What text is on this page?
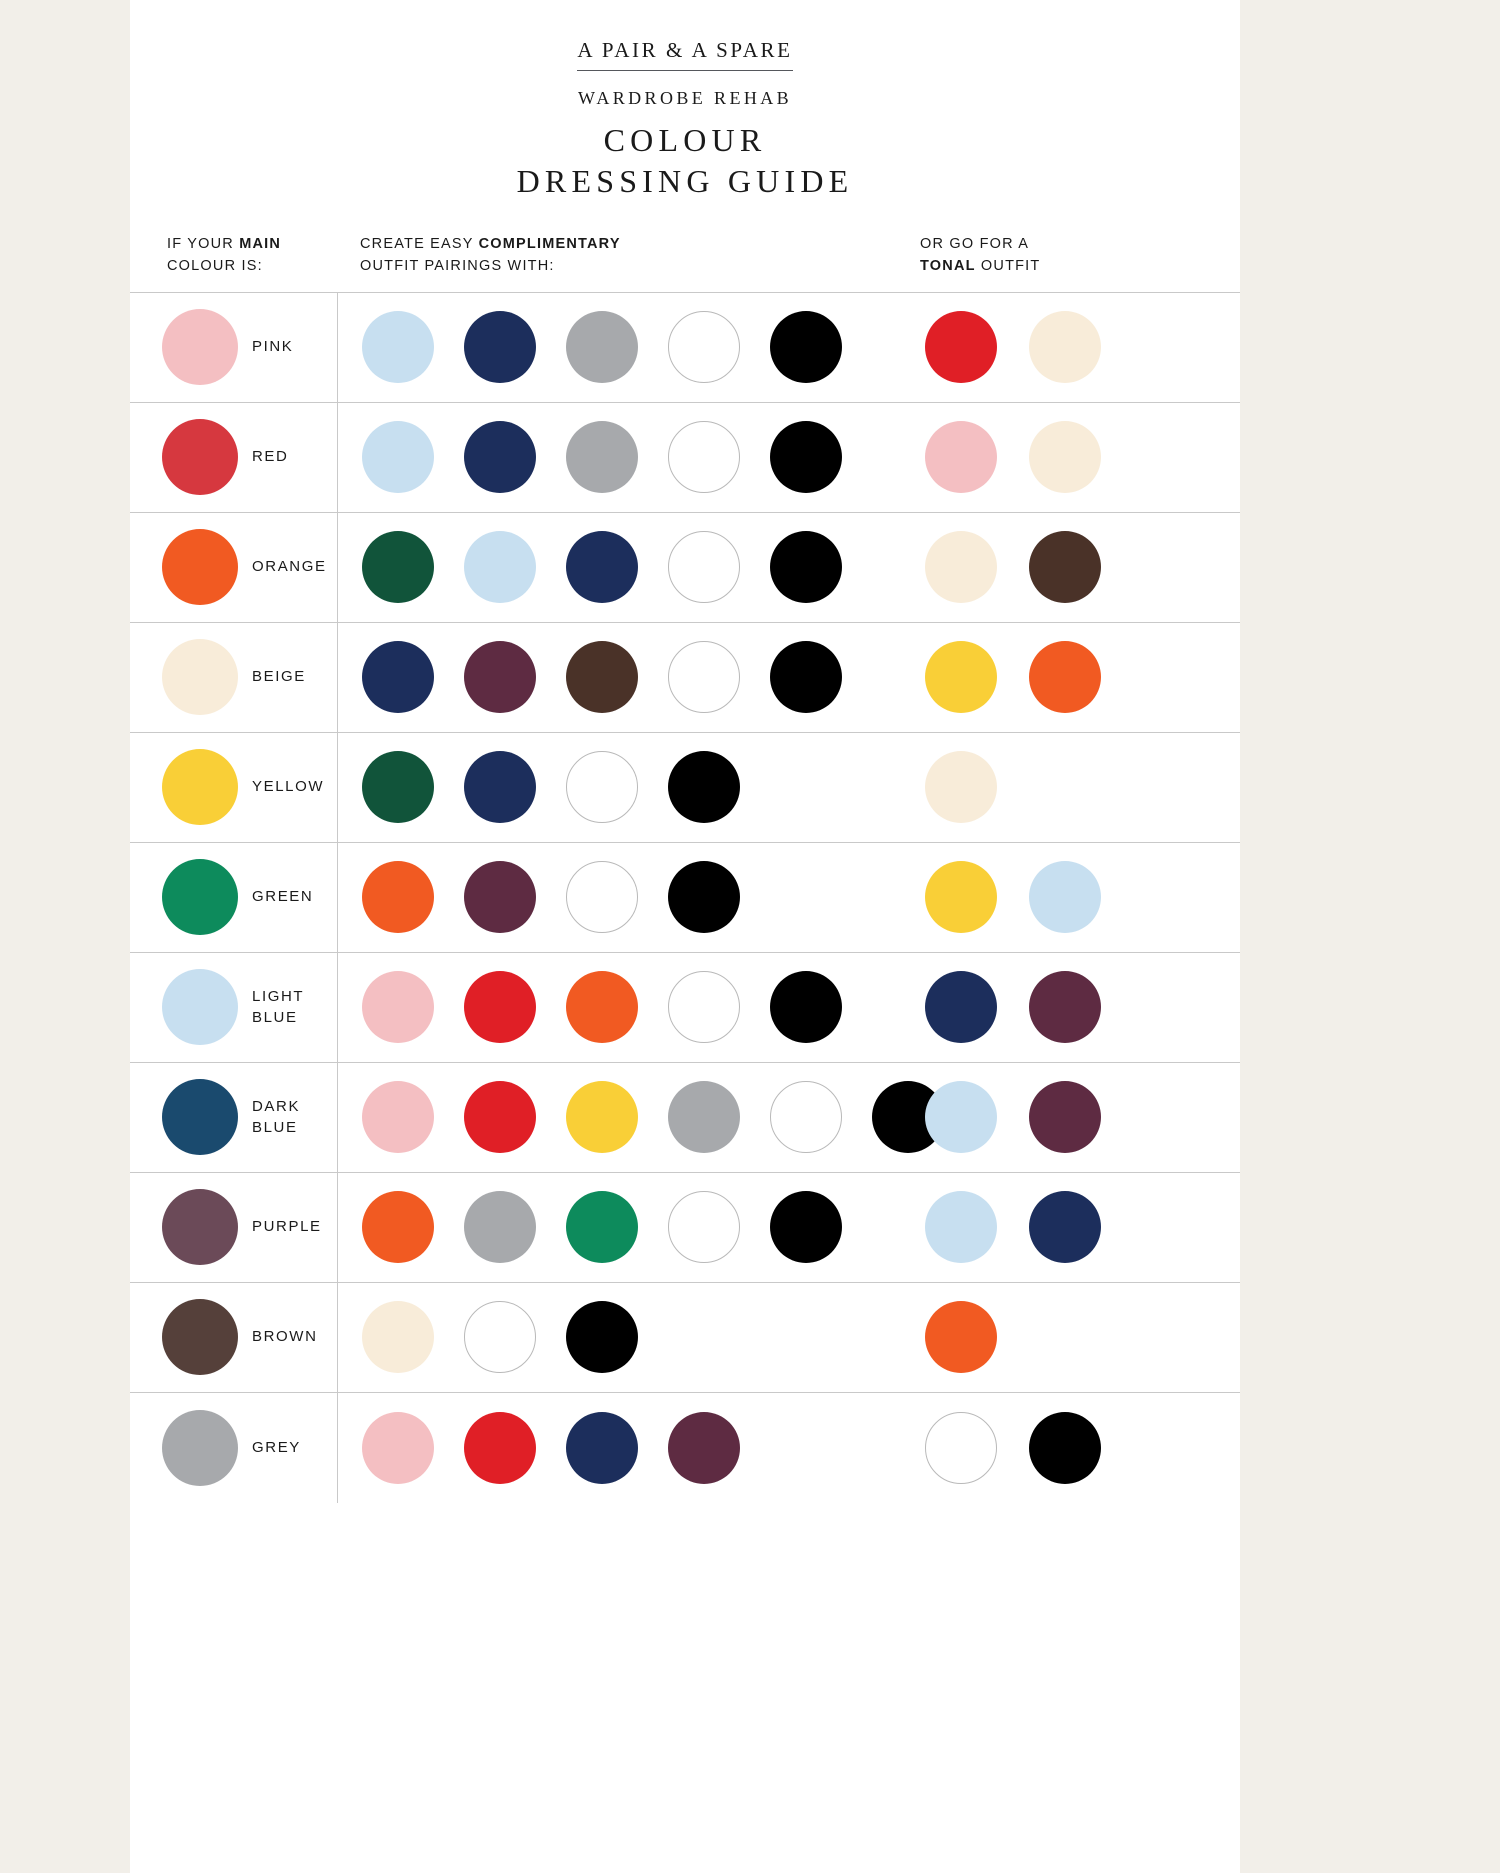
A PAIR & A SPARE
WARDROBE REHAB
COLOUR
DRESSING GUIDE
IF YOUR MAIN
COLOUR IS:
CREATE EASY COMPLIMENTARY
OUTFIT PAIRINGS WITH:
OR GO FOR A
TONAL OUTFIT
PINK
RED
ORANGE
BEIGE
YELLOW
GREEN
LIGHT
BLUE
DARK
BLUE
PURPLE
BROWN
GREY
